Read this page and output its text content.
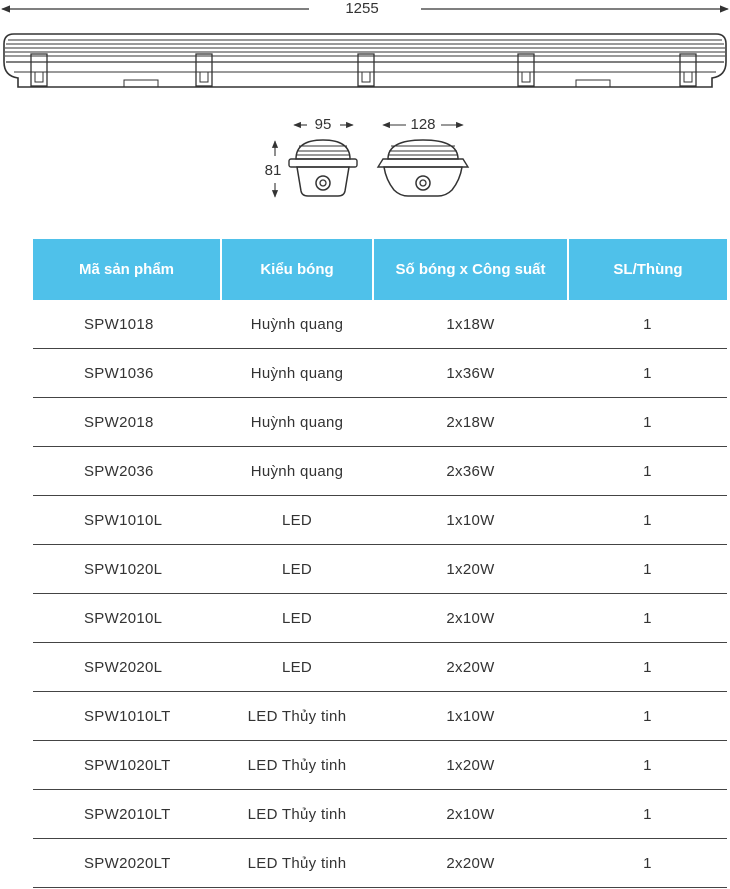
1255
95	128
81
Mã sản phẩm	Kiểu bóng	Số bóng x Công suất	SL/Thùng
SPW1018	Huỳnh quang	1x18W	1
SPW1036	Huỳnh quang	1x36W	1
SPW2018	Huỳnh quang	2x18W	1
SPW2036	Huỳnh quang	2x36W	1
SPW1010L	LED	1x10W	1
SPW1020L	LED	1x20W	1
SPW2010L	LED	2x10W	1
SPW2020L	LED	2x20W	1
SPW1010LT	LED Thủy tinh	1x10W	1
SPW1020LT	LED Thủy tinh	1x20W	1
SPW2010LT	LED Thủy tinh	2x10W	1
SPW2020LT	LED Thủy tinh	2x20W	1
